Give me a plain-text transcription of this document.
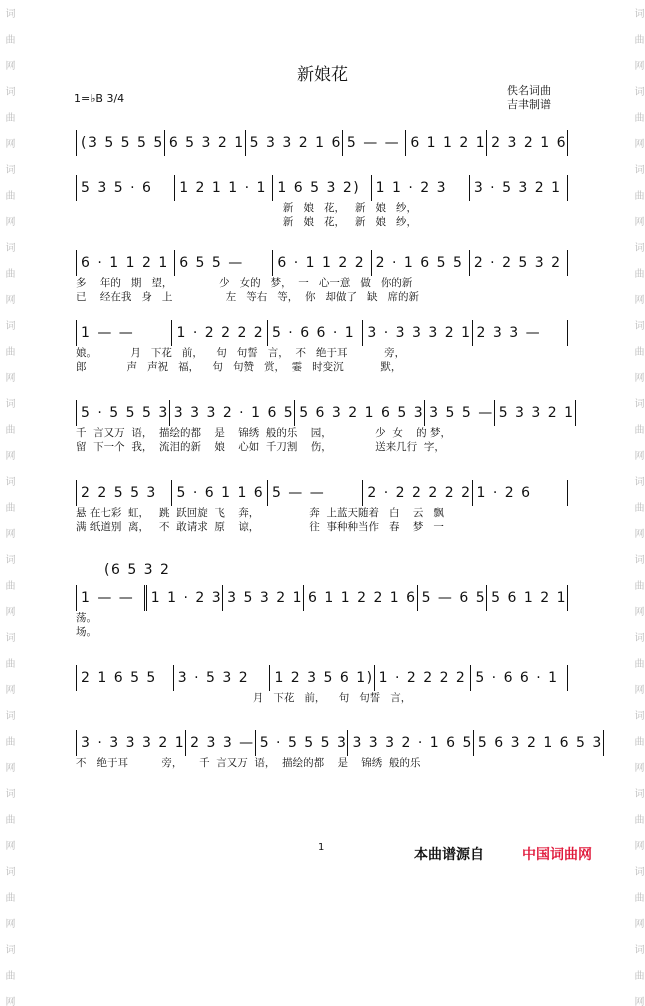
词
曲
网
词
曲
网
词
曲
网
词
曲
网
词
曲
网
词
曲
网
词
曲
网
词
曲
网
词
曲
网
词
曲
网
词
曲
网
词
曲
网
词
曲
网
词
曲
网
词
曲
网
词
曲
网
词
曲
网
词
曲
网
词
曲
网
词
曲
网
词
曲
网
词
曲
网
词
曲
网
词
曲
网
词
曲
网
词
曲
网
新娘花
1=♭B 3/4
佚名词曲
吉聿制谱
(3 5 5 5 5 6 5 3 2 1 5 3 3 2 1 6 5 — — 6 1 1 2 1 2 3 2 1 6
5 3 5 · 6 1 2 1 1 · 1 1 6 5 3 2) 1 1 · 2 3 3 · 5 3 2 1
新   娘   花，   新   娘   纱，
新   娘   花，   新   娘   纱，
6 · 1 1 2 1 6 5 5 — 6 · 1 1 2 2 2 · 1 6 5 5 2 · 2 5 3 2
多    年的   期   望，              少   女的   梦，  一   心一意   做   你的新
已    经在我   身   上                左   等右   等，  你   却做了   缺   席的新
1 — —	1 · 2 2 2 2 5 · 6 6 · 1 3 · 3 3 3 2 1 2 3 3 —
娘。          月   下花   前，    句   句誓   言，  不   绝于耳           旁，
郎            声   声祝   福，    句   句赞   赏，  霎   时变沉           默，
5 · 5 5 5 3 3 3 3 2 · 1 6 5 5 6 3 2 1 6 5 3 3 5 5 — 5 3 3 2 1
千  言又万  语，  描绘的都    是    锦绣  般的乐    园，             少  女    的 梦，
留  下一个  我，  流泪的新    娘    心如  千刀割    伤，             送来几行  字，
2 2 5 5 3 5 · 6 1 1 6 5 — —	2 · 2 2 2 2 2 1 · 2 6
悬 在七彩  虹，   跳  跃回旋  飞    奔，               奔  上蓝天随着   白    云   飘
满 纸道别  离，   不  敢请求  原    谅，               往  事种种当作   春    梦   一
1 — — 1 1 · 2 3 3 5 3 2 1 6 1 1 2 2 1 6 5 — 6 5 5 6 1 2 1
荡。
场。
2 1 6 5 5 3 · 5 3 2 1 2 3 5 6 1) 1 · 2 2 2 2 5 · 6 6 · 1
月   下花   前，    句   句誓   言，
3 · 3 3 3 2 1 2 3 3 — 5 · 5 5 5 3 3 3 3 2 · 1 6 5 5 6 3 2 1 6 5 3
不   绝于耳          旁，     千  言又万  语，  描绘的都    是    锦绣  般的乐
(6 5 3 2
1	本曲谱源自	中国词曲网
